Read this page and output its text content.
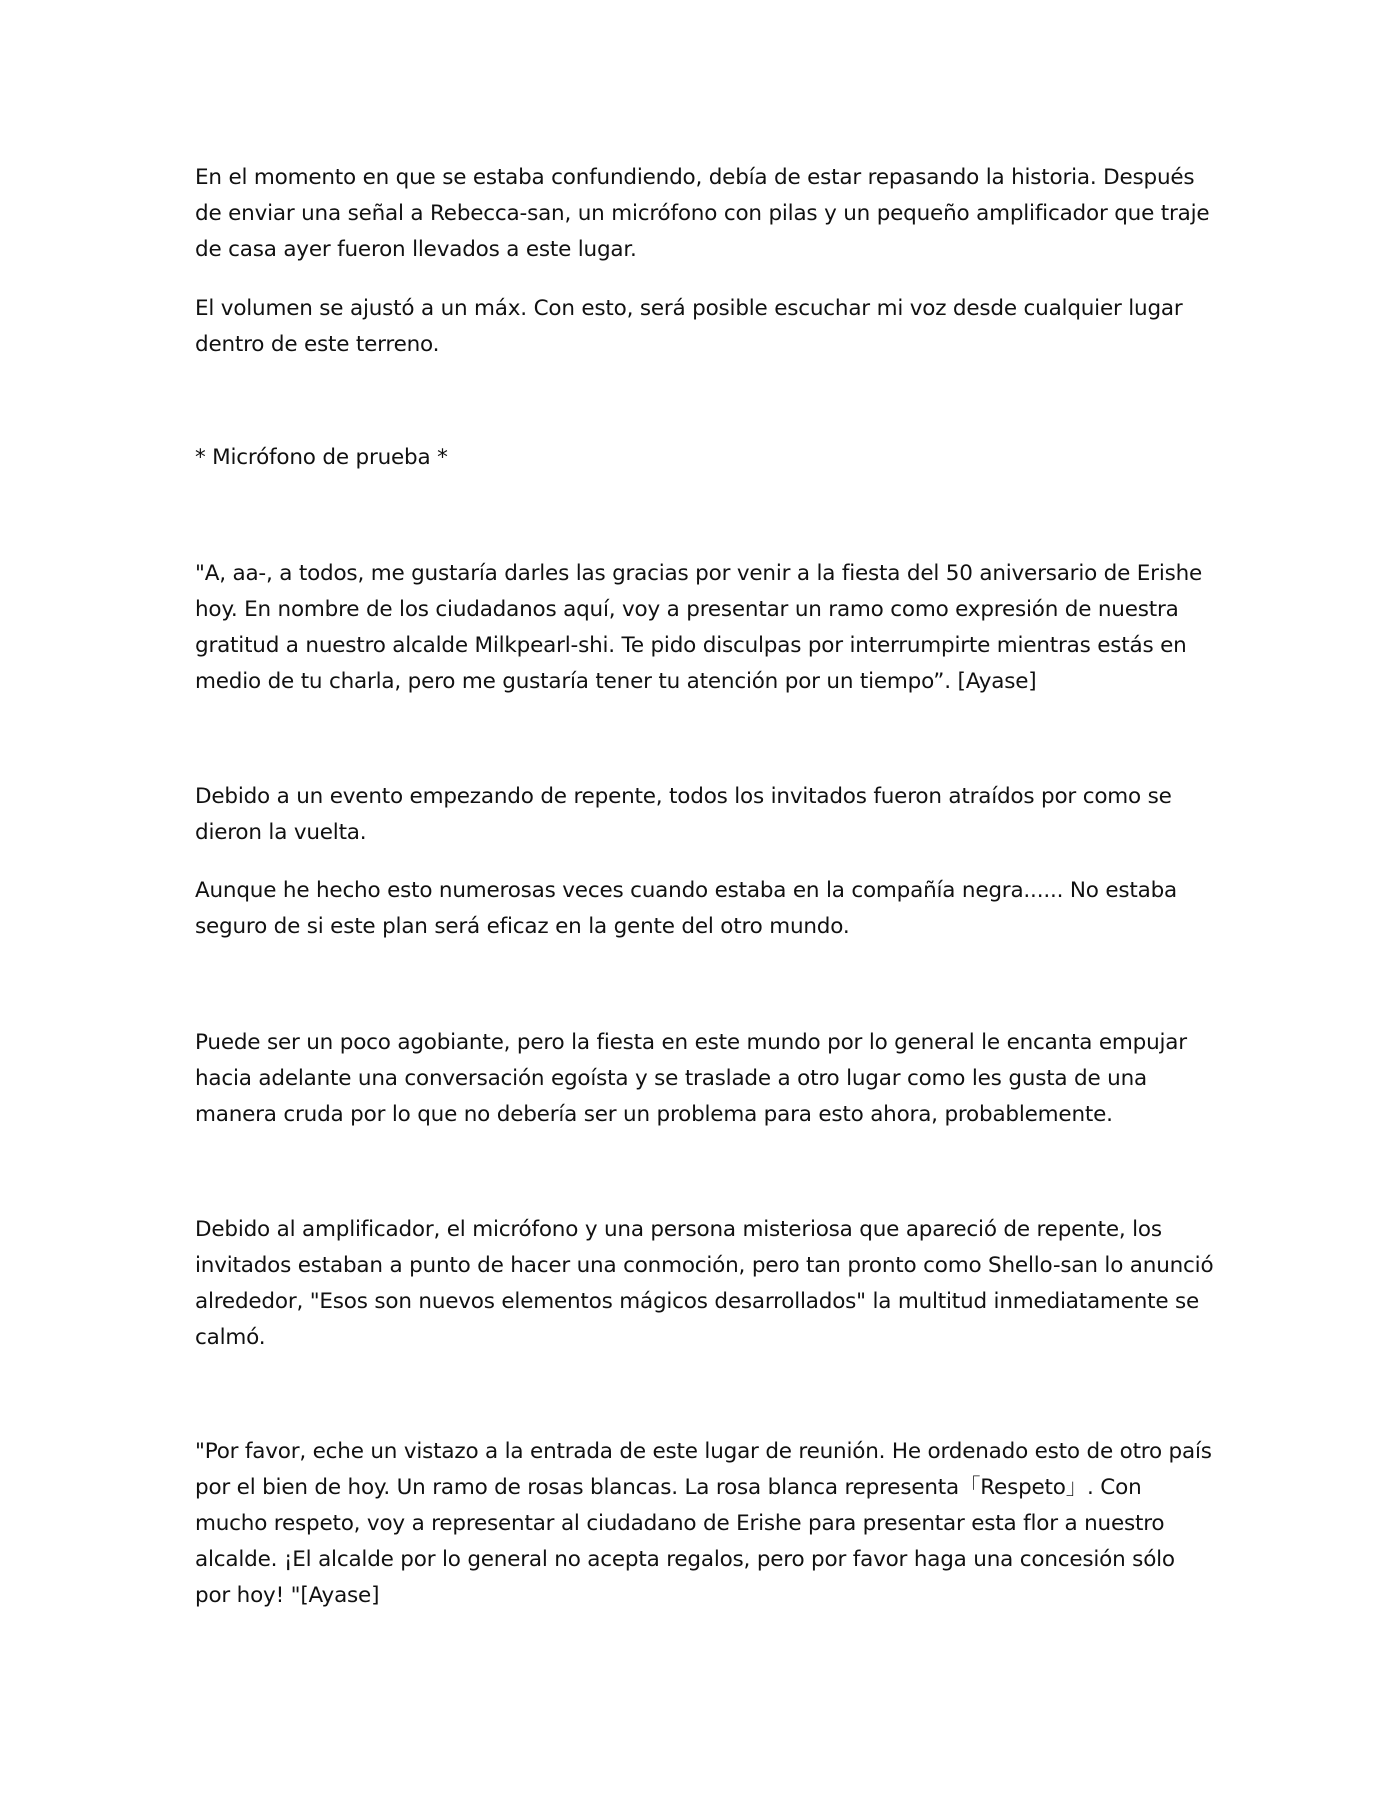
En el momento en que se estaba confundiendo, debía de estar repasando la historia. Después de enviar una señal a Rebecca-san, un micrófono con pilas y un pequeño amplificador que traje de casa ayer fueron llevados a este lugar.

El volumen se ajustó a un máx. Con esto, será posible escuchar mi voz desde cualquier lugar dentro de este terreno.

* Micrófono de prueba *

"A, aa-, a todos, me gustaría darles las gracias por venir a la fiesta del 50 aniversario de Erishe hoy. En nombre de los ciudadanos aquí, voy a presentar un ramo como expresión de nuestra gratitud a nuestro alcalde Milkpearl-shi. Te pido disculpas por interrumpirte mientras estás en medio de tu charla, pero me gustaría tener tu atención por un tiempo”. [Ayase]

Debido a un evento empezando de repente, todos los invitados fueron atraídos por como se dieron la vuelta.

Aunque he hecho esto numerosas veces cuando estaba en la compañía negra...... No estaba seguro de si este plan será eficaz en la gente del otro mundo.

Puede ser un poco agobiante, pero la fiesta en este mundo por lo general le encanta empujar hacia adelante una conversación egoísta y se traslade a otro lugar como les gusta de una manera cruda por lo que no debería ser un problema para esto ahora, probablemente.

Debido al amplificador, el micrófono y una persona misteriosa que apareció de repente, los invitados estaban a punto de hacer una conmoción, pero tan pronto como Shello-san lo anunció alrededor, "Esos son nuevos elementos mágicos desarrollados" la multitud inmediatamente se calmó.

"Por favor, eche un vistazo a la entrada de este lugar de reunión. He ordenado esto de otro país por el bien de hoy. Un ramo de rosas blancas. La rosa blanca representa「Respeto」. Con mucho respeto, voy a representar al ciudadano de Erishe para presentar esta flor a nuestro alcalde. ¡El alcalde por lo general no acepta regalos, pero por favor haga una concesión sólo por hoy! "[Ayase]
